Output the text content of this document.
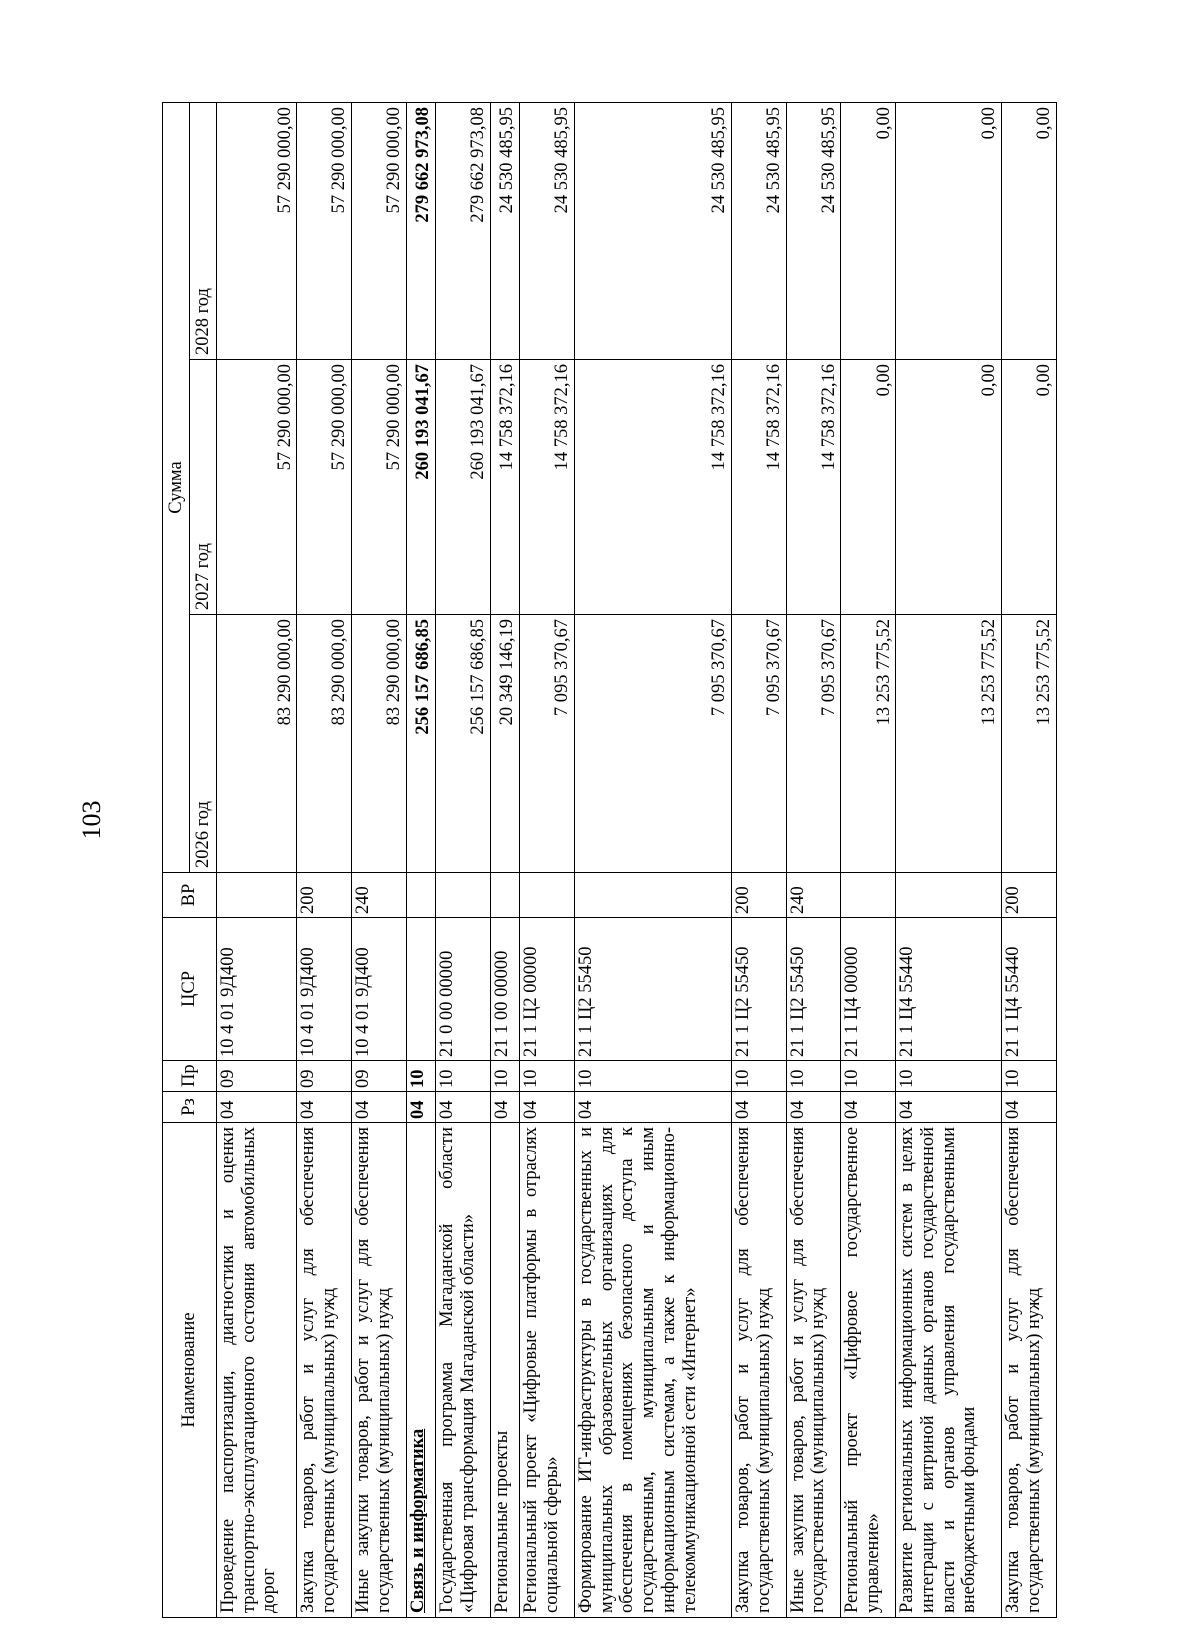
103
Наименование	Рз	Пр	ЦСР	ВР	Сумма		
					2026 год	2027 год	2028 год
Проведение паспортизации, диагностики и оценки транспортно-эксплуатационного состояния автомобильных дорог	04	09	10 4 01 9Д400		83 290 000,00	57 290 000,00	57 290 000,00
Закупка товаров, работ и услуг для обеспечения государственных (муниципальных) нужд	04	09	10 4 01 9Д400	200	83 290 000,00	57 290 000,00	57 290 000,00
Иные закупки товаров, работ и услуг для обеспечения государственных (муниципальных) нужд	04	09	10 4 01 9Д400	240	83 290 000,00	57 290 000,00	57 290 000,00
Связь и информатика	04	10			256 157 686,85	260 193 041,67	279 662 973,08
Государственная программа Магаданской области «Цифровая трансформация Магаданской области»	04	10	21 0 00 00000		256 157 686,85	260 193 041,67	279 662 973,08
Региональные проекты	04	10	21 1 00 00000		20 349 146,19	14 758 372,16	24 530 485,95
Региональный проект «Цифровые платформы в отраслях социальной сферы»	04	10	21 1 Ц2 00000		7 095 370,67	14 758 372,16	24 530 485,95
Формирование ИТ-инфраструктуры в государственных и муниципальных образовательных организациях для обеспечения в помещениях безопасного доступа к государственным, муниципальным и иным информационным системам, а также к информационно-телекоммуникационной сети «Интернет»	04	10	21 1 Ц2 55450		7 095 370,67	14 758 372,16	24 530 485,95
Закупка товаров, работ и услуг для обеспечения государственных (муниципальных) нужд	04	10	21 1 Ц2 55450	200	7 095 370,67	14 758 372,16	24 530 485,95
Иные закупки товаров, работ и услуг для обеспечения государственных (муниципальных) нужд	04	10	21 1 Ц2 55450	240	7 095 370,67	14 758 372,16	24 530 485,95
Региональный проект «Цифровое государственное управление»	04	10	21 1 Ц4 00000		13 253 775,52	0,00	0,00
Развитие региональных информационных систем в целях интеграции с витриной данных органов государственной власти и органов управления государственными внебюджетными фондами	04	10	21 1 Ц4 55440		13 253 775,52	0,00	0,00
Закупка товаров, работ и услуг для обеспечения государственных (муниципальных) нужд	04	10	21 1 Ц4 55440	200	13 253 775,52	0,00	0,00
